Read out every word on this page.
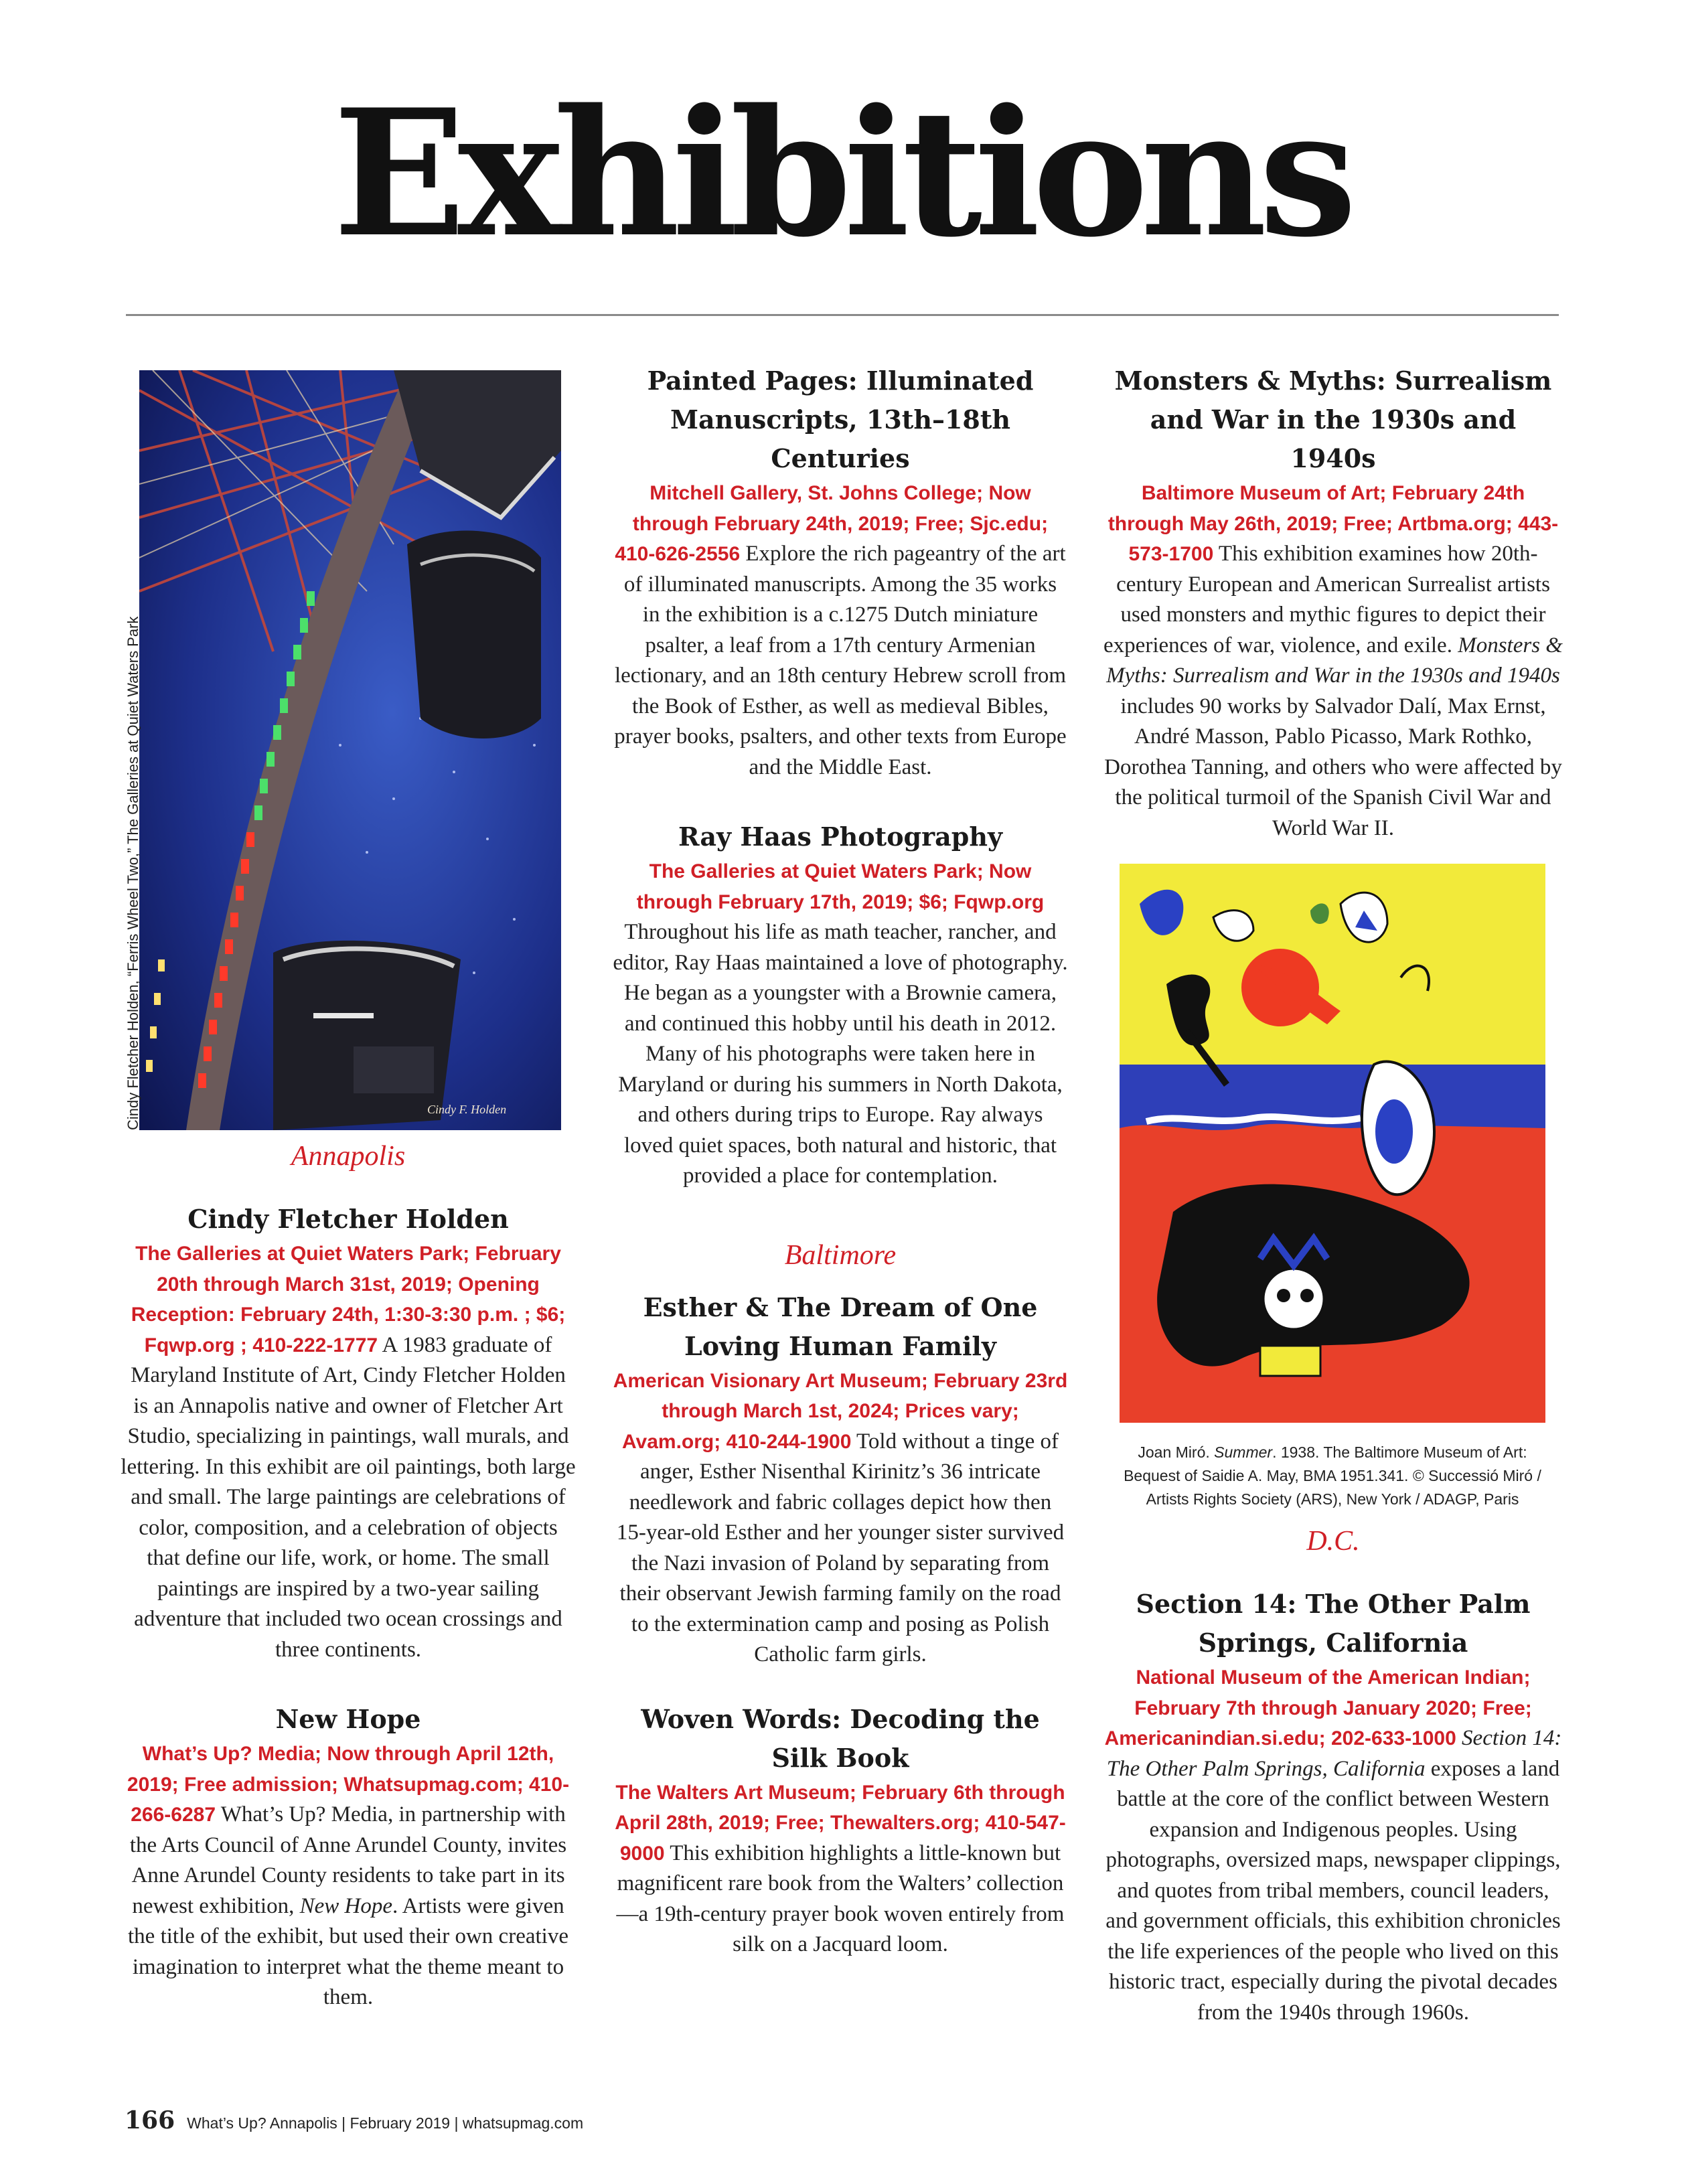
Exhibitions
Cindy F. Holden
Cindy Fletcher Holden, “Ferris Wheel Two,” The Galleries at Quiet Waters Park
Annapolis
Cindy Fletcher Holden

The Galleries at Quiet Waters Park; February 20th through March 31st, 2019; Opening Reception: February 24th, 1:30-3:30 p.m. ; $6; Fqwp.org ; 410-222-1777 A 1983 graduate of Maryland Institute of Art, Cindy Fletcher Holden is an Annapolis native and owner of Fletcher Art Studio, specializing in paintings, wall murals, and lettering. In this exhibit are oil paintings, both large and small. The large paintings are celebrations of color, composition, and a celebration of objects that define our life, work, or home. The small paintings are inspired by a two-year sailing adventure that included two ocean crossings and three continents.

New Hope

What’s Up? Media; Now through April 12th, 2019; Free admission; Whatsupmag.com; 410-266-6287 What’s Up? Media, in partnership with the Arts Council of Anne Arundel County, invites Anne Arundel County residents to take part in its newest exhibition, New Hope. Artists were given the title of the exhibit, but used their own creative imagination to interpret what the theme meant to them.

Painted Pages: Illuminated Manuscripts, 13th–18th Centuries

Mitchell Gallery, St. Johns College; Now through February 24th, 2019; Free; Sjc.edu; 410-626-2556 Explore the rich pageantry of the art of illuminated manuscripts. Among the 35 works in the exhibition is a c.1275 Dutch miniature psalter, a leaf from a 17th century Armenian lectionary, and an 18th century Hebrew scroll from the Book of Esther, as well as medieval Bibles, prayer books, psalters, and other texts from Europe and the Middle East.

Ray Haas Photography

The Galleries at Quiet Waters Park; Now through February 17th, 2019; $6; Fqwp.org Throughout his life as math teacher, rancher, and editor, Ray Haas maintained a love of photography. He began as a youngster with a Brownie camera, and continued this hobby until his death in 2012. Many of his photographs were taken here in Maryland or during his summers in North Dakota, and others during trips to Europe. Ray always loved quiet spaces, both natural and historic, that provided a place for contemplation.

Baltimore
Esther & The Dream of One Loving Human Family

American Visionary Art Museum; February 23rd through March 1st, 2024; Prices vary; Avam.org; 410-244-1900 Told without a tinge of anger, Esther Nisenthal Kirinitz’s 36 intricate needlework and fabric collages depict how then 15-year-old Esther and her younger sister survived the Nazi invasion of Poland by separating from their observant Jewish farming family on the road to the extermination camp and posing as Polish Catholic farm girls.

Woven Words: Decoding the Silk Book

The Walters Art Museum; February 6th through April 28th, 2019; Free; Thewalters.org; 410-547-9000 This exhibition highlights a little-known but magnificent rare book from the Walters’ collection—a 19th-century prayer book woven entirely from silk on a Jacquard loom.

Monsters & Myths: Surrealism and War in the 1930s and 1940s

Baltimore Museum of Art; February 24th through May 26th, 2019; Free; Artbma.org; 443-573-1700 This exhibition examines how 20th-century European and American Surrealist artists used monsters and mythic figures to depict their experiences of war, violence, and exile. Monsters & Myths: Surrealism and War in the 1930s and 1940s includes 90 works by Salvador Dalí, Max Ernst, André Masson, Pablo Picasso, Mark Rothko, Dorothea Tanning, and others who were affected by the political turmoil of the Spanish Civil War and World War II.

Joan Miró. Summer. 1938. The Baltimore Museum of Art: Bequest of Saidie A. May, BMA 1951.341. © Successió Miró / Artists Rights Society (ARS), New York / ADAGP, Paris
D.C.
Section 14: The Other Palm Springs, California

National Museum of the American Indian; February 7th through January 2020; Free; Americanindian.si.edu; 202-633-1000 Section 14: The Other Palm Springs, California exposes a land battle at the core of the conflict between Western expansion and Indigenous peoples. Using photographs, oversized maps, newspaper clippings, and quotes from tribal members, council leaders, and government officials, this exhibition chronicles the life experiences of the people who lived on this historic tract, especially during the pivotal decades from the 1940s through 1960s.

166 What’s Up? Annapolis | February 2019 | whatsupmag.com
